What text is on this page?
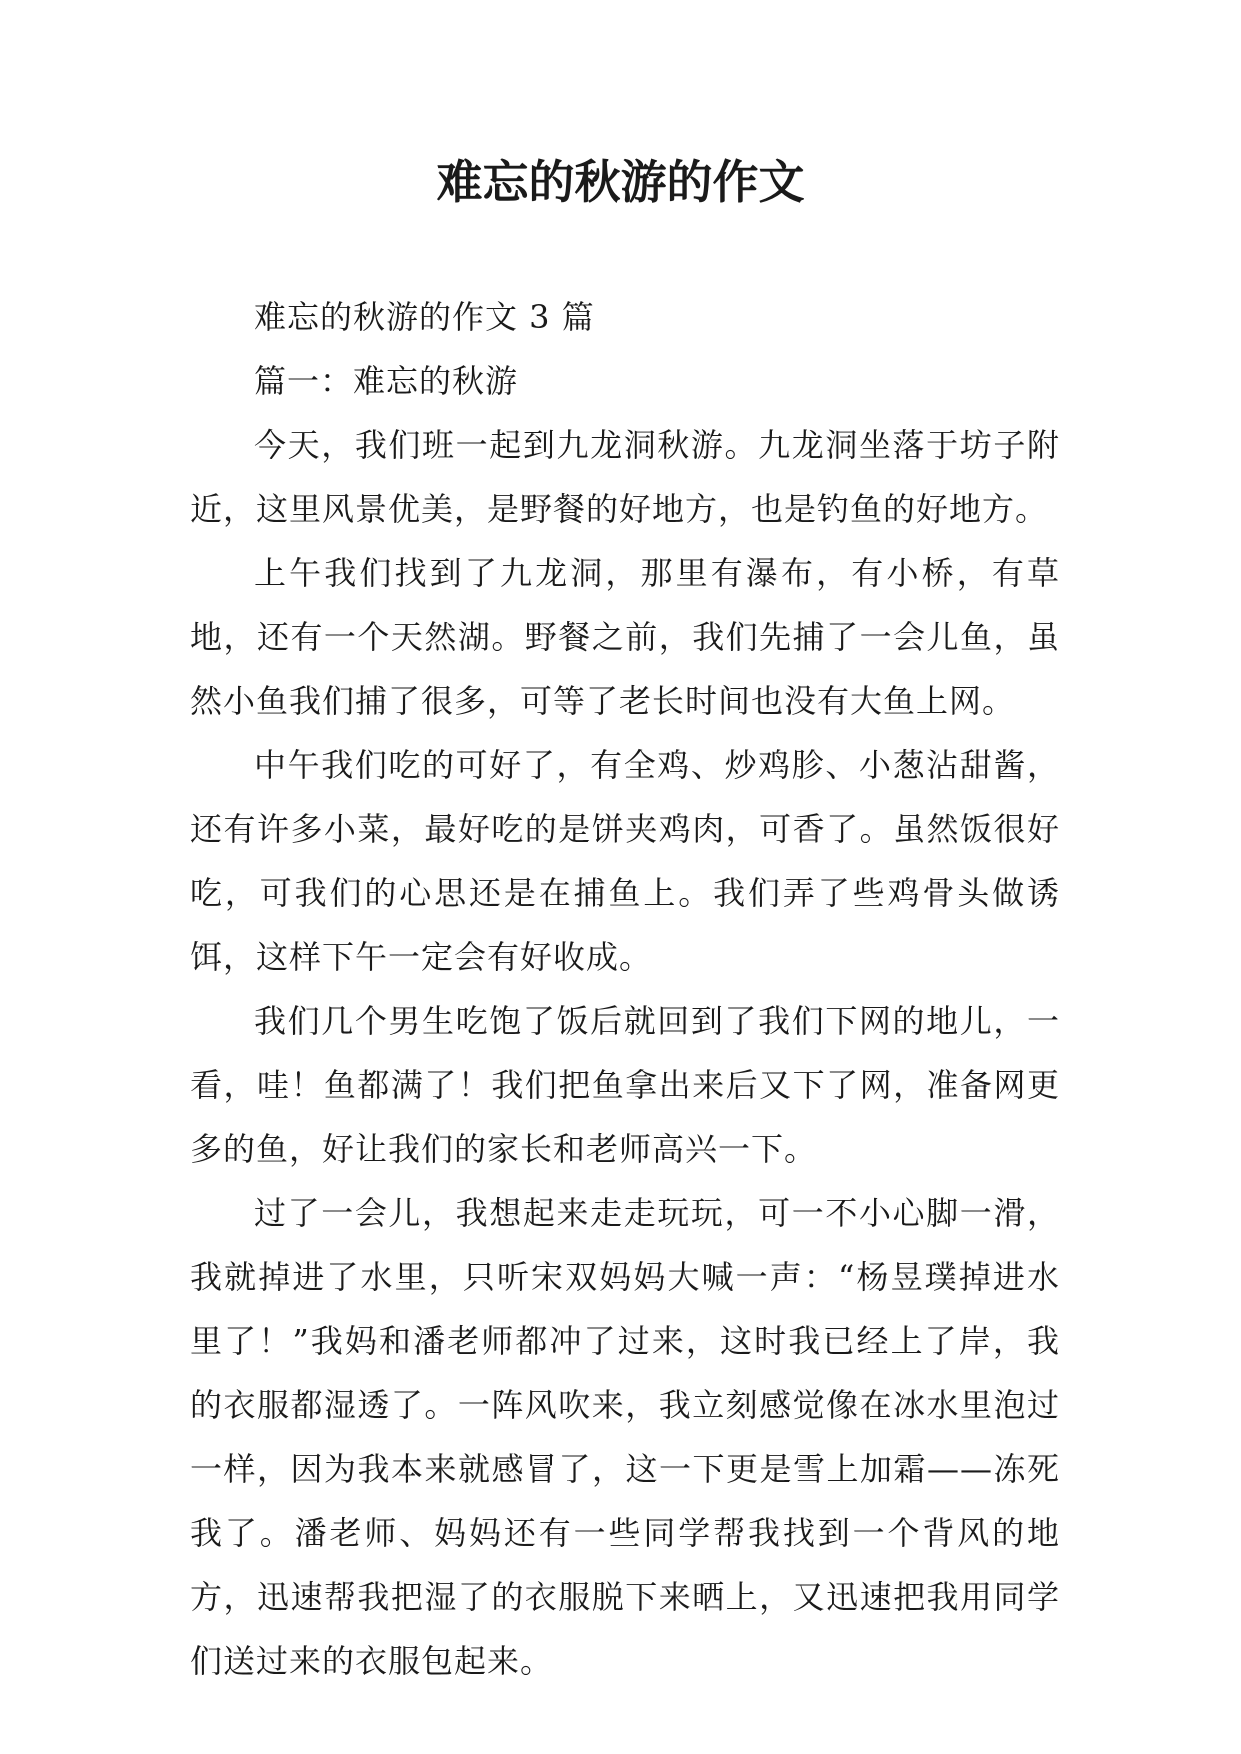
难忘的秋游的作文

难忘的秋游的作文 3 篇

篇一：难忘的秋游

今天，我们班一起到九龙洞秋游。九龙洞坐落于坊子附近，这里风景优美，是野餐的好地方，也是钓鱼的好地方。

上午我们找到了九龙洞，那里有瀑布，有小桥，有草地，还有一个天然湖。野餐之前，我们先捕了一会儿鱼，虽然小鱼我们捕了很多，可等了老长时间也没有大鱼上网。

中午我们吃的可好了，有全鸡、炒鸡胗、小葱沾甜酱，还有许多小菜，最好吃的是饼夹鸡肉，可香了。虽然饭很好吃，可我们的心思还是在捕鱼上。我们弄了些鸡骨头做诱饵，这样下午一定会有好收成。

我们几个男生吃饱了饭后就回到了我们下网的地儿，一看，哇！鱼都满了！我们把鱼拿出来后又下了网，准备网更多的鱼，好让我们的家长和老师高兴一下。

过了一会儿，我想起来走走玩玩，可一不小心脚一滑，我就掉进了水里，只听宋双妈妈大喊一声：“杨昱璞掉进水里了！”我妈和潘老师都冲了过来，这时我已经上了岸，我的衣服都湿透了。一阵风吹来，我立刻感觉像在冰水里泡过一样，因为我本来就感冒了，这一下更是雪上加霜——冻死我了。潘老师、妈妈还有一些同学帮我找到一个背风的地方，迅速帮我把湿了的衣服脱下来晒上，又迅速把我用同学们送过来的衣服包起来。
